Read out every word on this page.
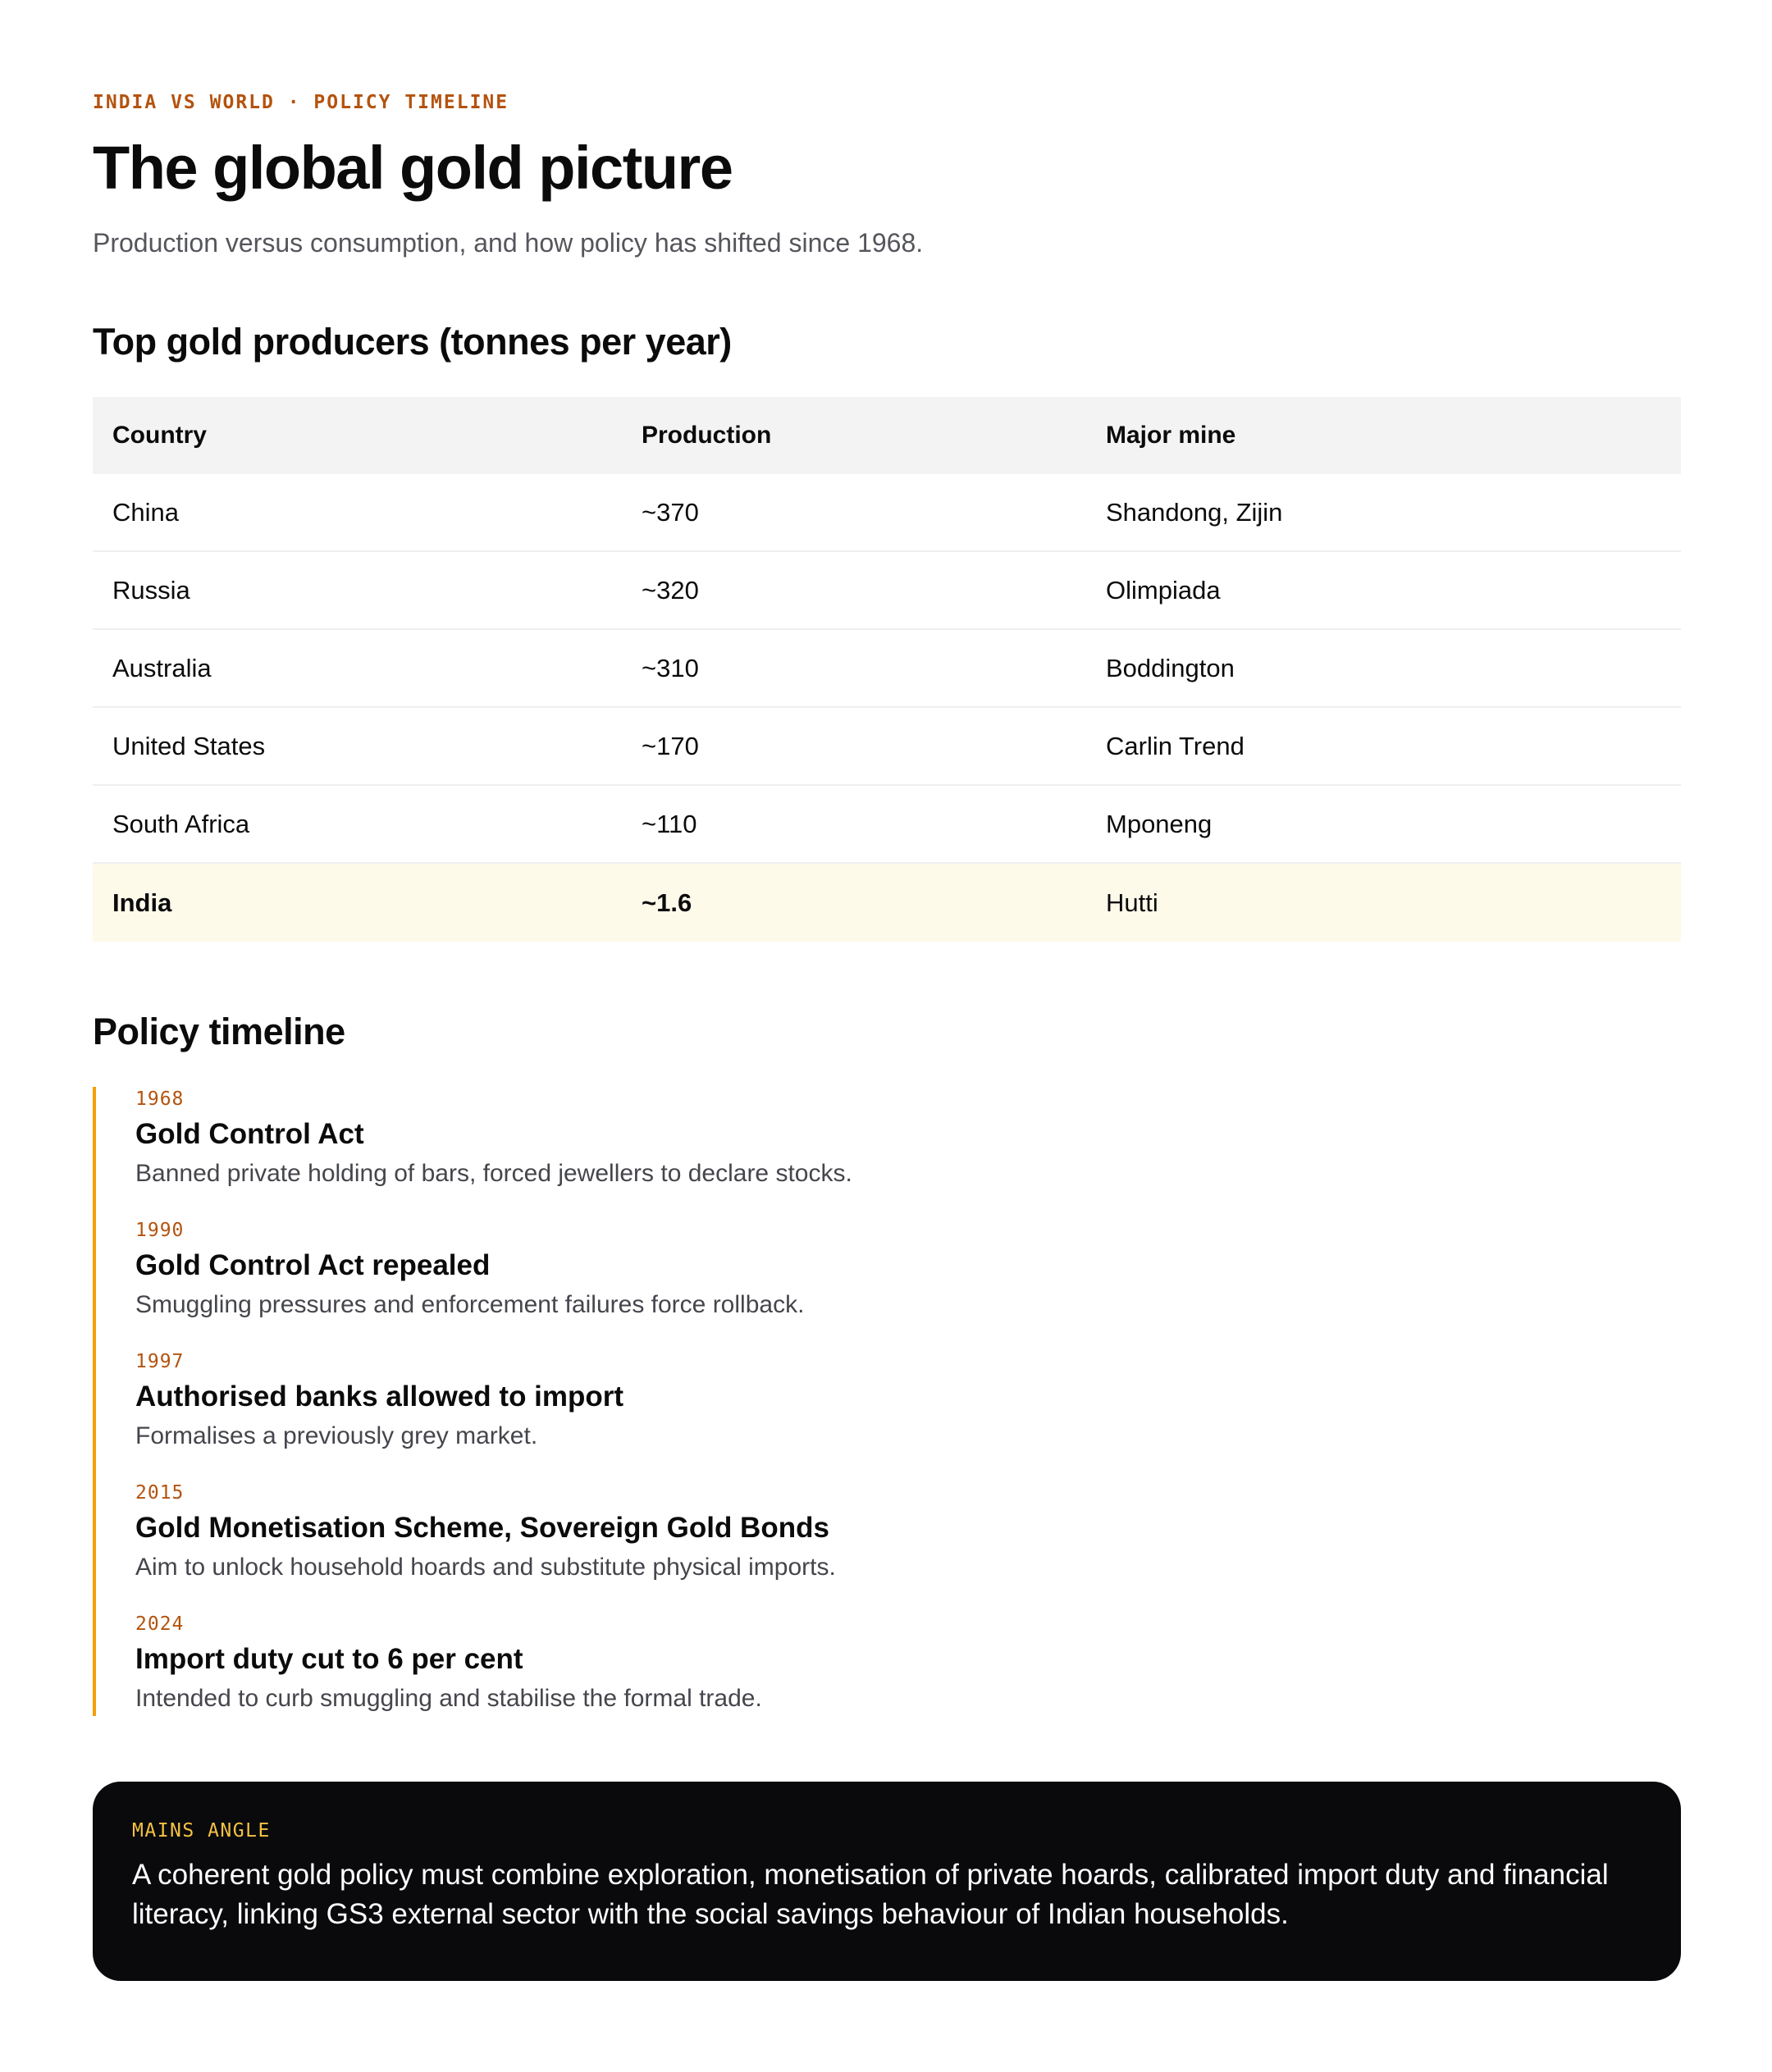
INDIA VS WORLD · POLICY TIMELINE
The global gold picture

Production versus consumption, and how policy has shifted since 1968.

Top gold producers (tonnes per year)
Country	Production	Major mine
China	~370	Shandong, Zijin
Russia	~320	Olimpiada
Australia	~310	Boddington
United States	~170	Carlin Trend
South Africa	~110	Mponeng
India	~1.6	Hutti
Policy timeline
1968
Gold Control Act
Banned private holding of bars, forced jewellers to declare stocks.
1990
Gold Control Act repealed
Smuggling pressures and enforcement failures force rollback.
1997
Authorised banks allowed to import
Formalises a previously grey market.
2015
Gold Monetisation Scheme, Sovereign Gold Bonds
Aim to unlock household hoards and substitute physical imports.
2024
Import duty cut to 6 per cent
Intended to curb smuggling and stabilise the formal trade.
MAINS ANGLE

A coherent gold policy must combine exploration, monetisation of private hoards, calibrated import duty and financial literacy, linking GS3 external sector with the social savings behaviour of Indian households.
